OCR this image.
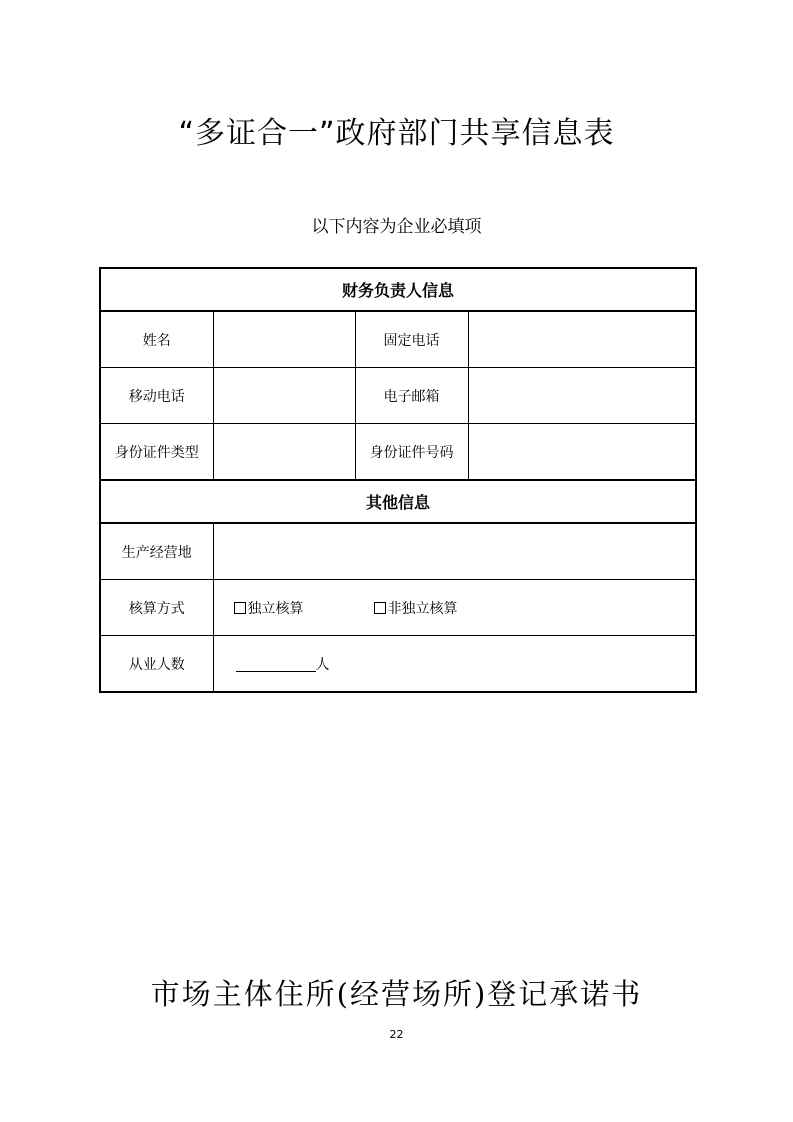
“多证合一”政府部门共享信息表
以下内容为企业必填项
财务负责人信息			
姓名		固定电话	
移动电话		电子邮箱	
身份证件类型		身份证件号码	
其他信息			
生产经营地			
核算方式	独立核算 非独立核算		
从业人数	人		
市场主体住所(经营场所)登记承诺书
22
